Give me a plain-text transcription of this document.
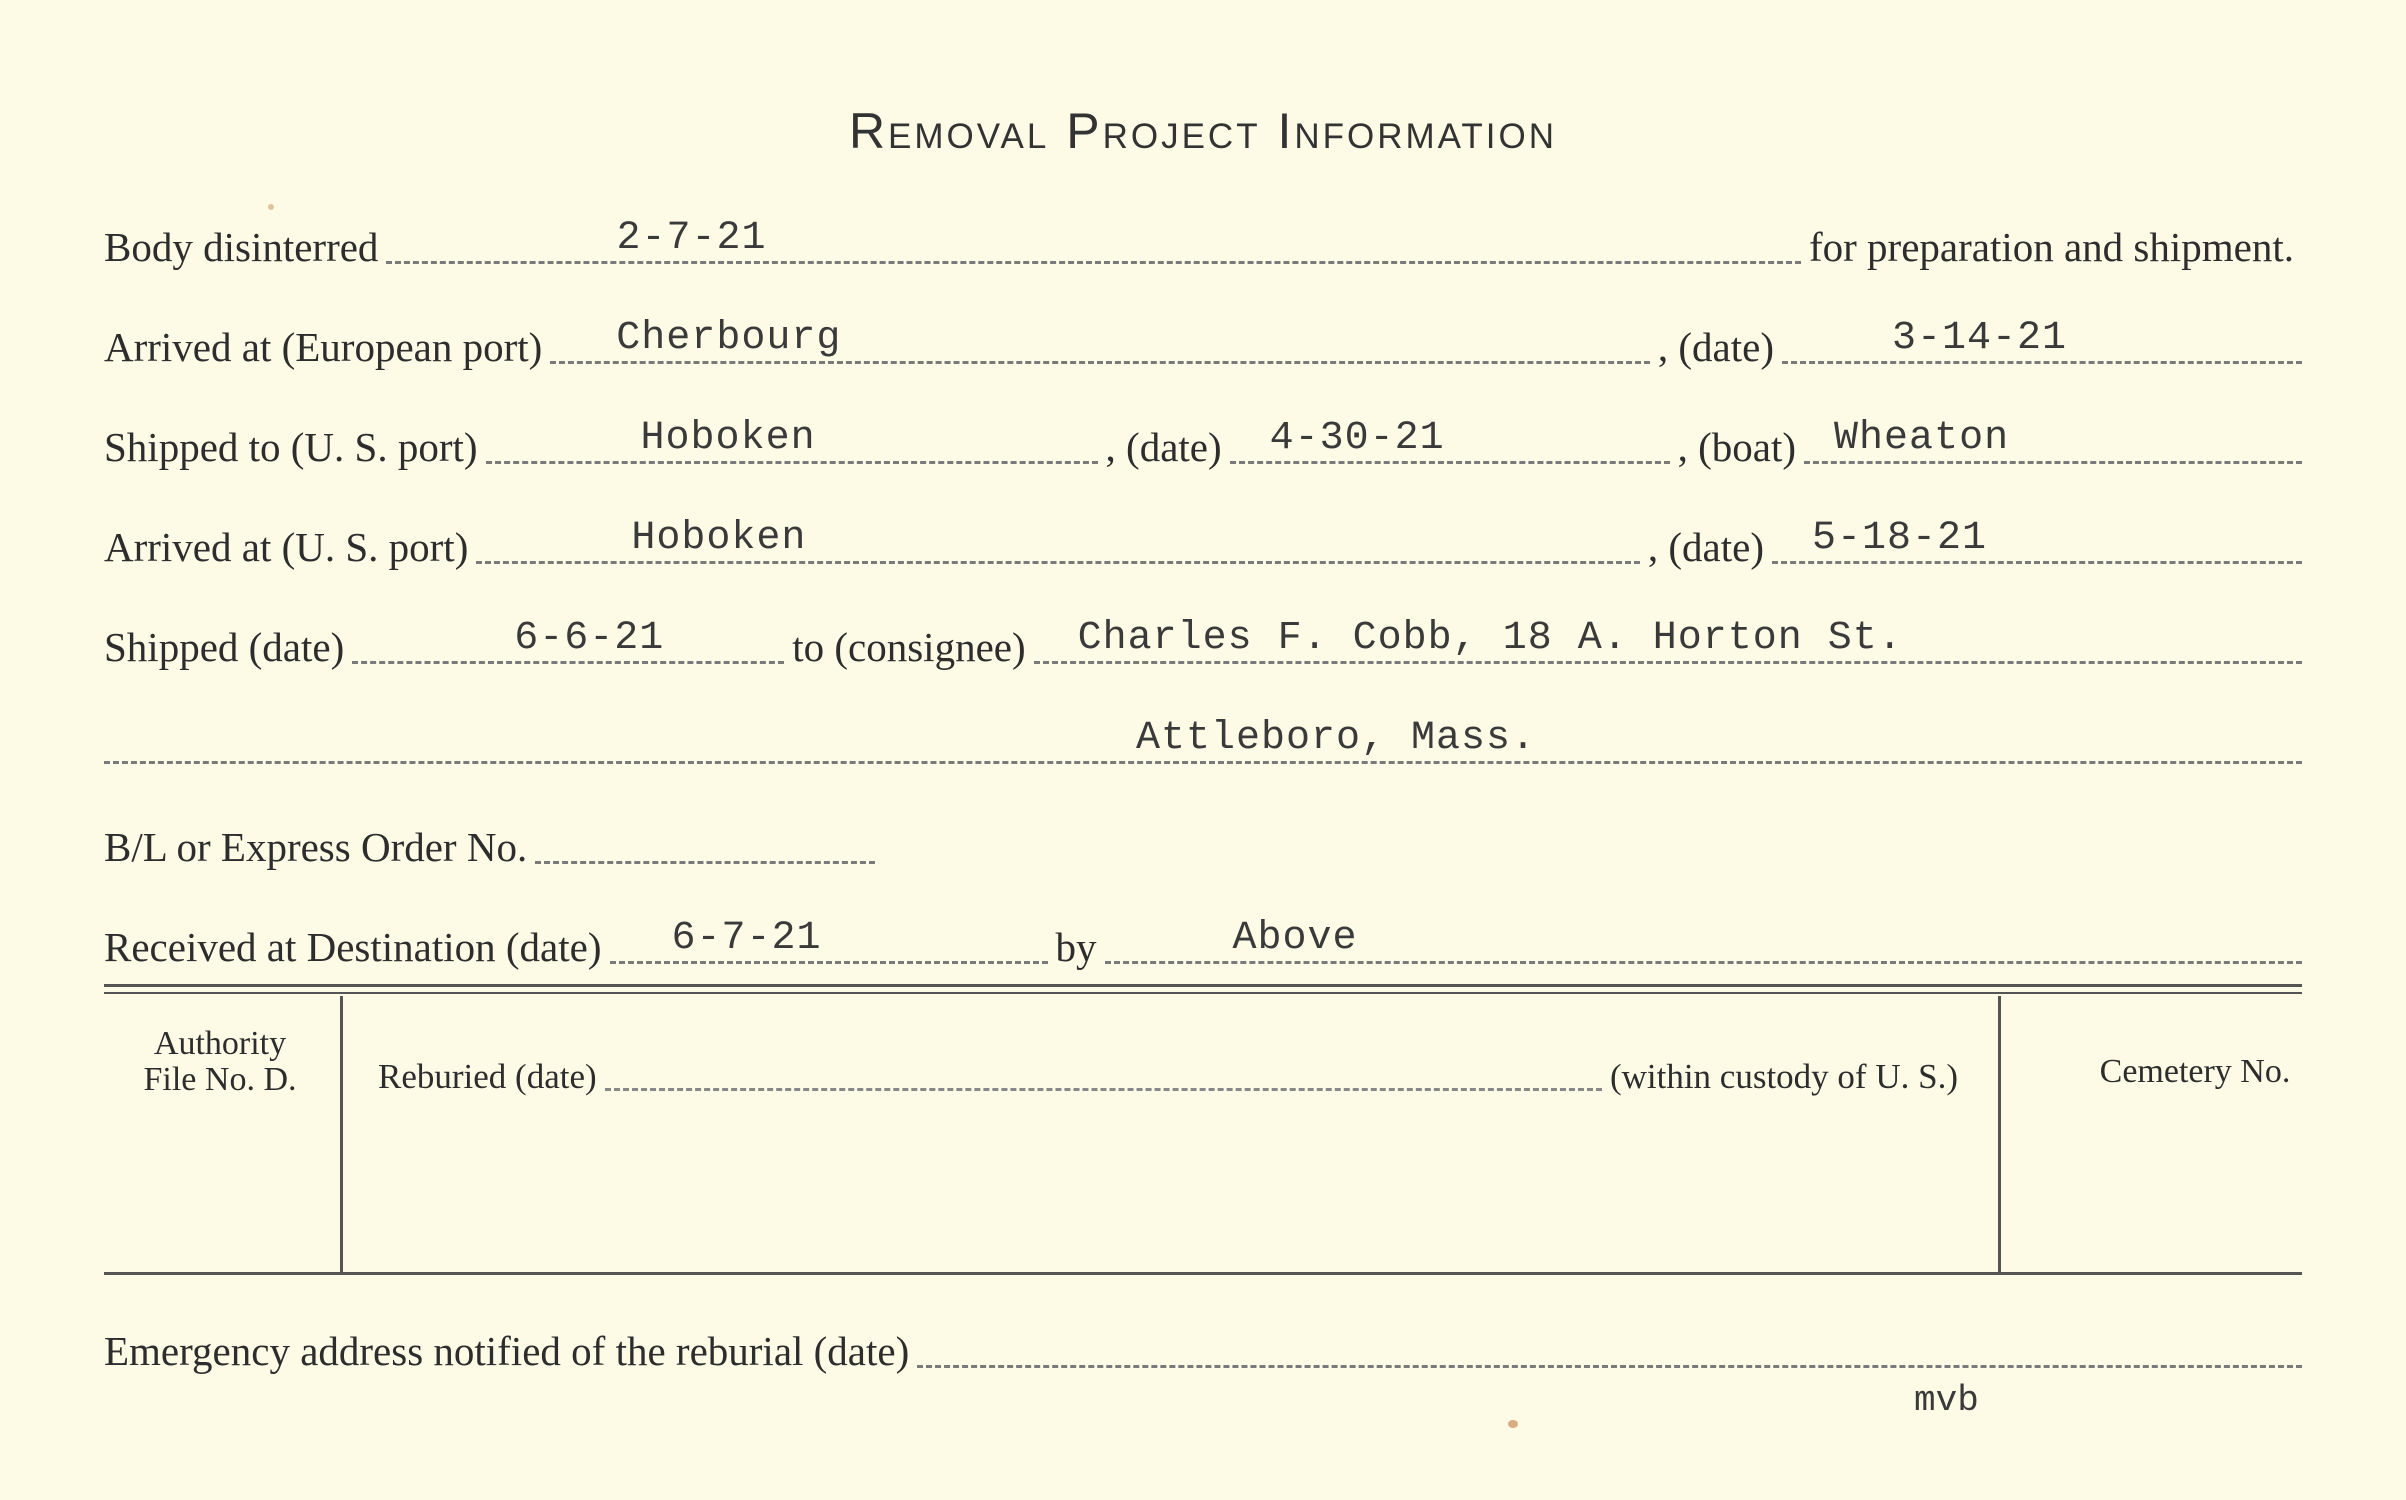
Removal Project Information
Body disinterred	2-7-21	for preparation and shipment.
Arrived at (European port) Cherbourg	, (date)	3-14-21
Shipped to (U. S. port)	Hoboken	, (date) 4-30-21	, (boat) Wheaton
Arrived at (U. S. port)	Hoboken	, (date) 5-18-21
Shipped (date)	6-6-21	to (consignee) Charles F. Cobb, 18 A. Horton St.
Attleboro, Mass.
B/L or Express Order No.
Received at Destination (date) 6-7-21	by	Above
Authority
File No. D.	Reburied (date)	(within custody of U. S.)	Cemetery No.
Emergency address notified of the reburial (date)
mvb
